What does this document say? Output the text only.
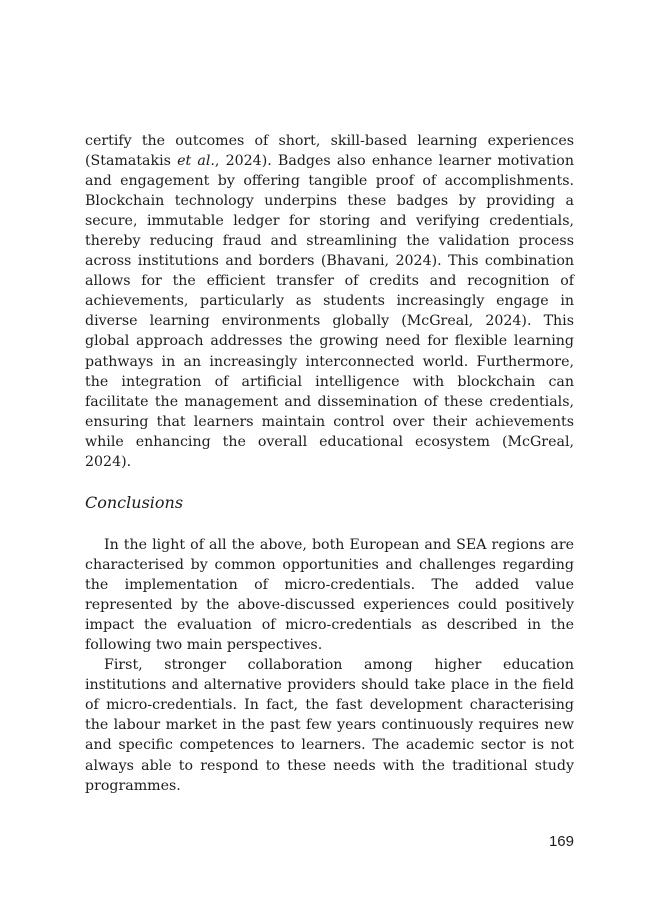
certify the outcomes of short, skill-based learning experiences (Stamatakis et al., 2024). Badges also enhance learner motivation and engagement by offering tangible proof of accomplishments. Blockchain technology underpins these badges by providing a secure, immutable ledger for storing and verifying credentials, thereby reducing fraud and streamlining the validation process across institutions and borders (Bhavani, 2024). This combination allows for the efficient transfer of credits and recognition of achievements, particularly as students increasingly engage in diverse learning environments globally (McGreal, 2024). This global approach addresses the growing need for flexible learning pathways in an increasingly interconnected world. Furthermore, the integration of artificial intelligence with blockchain can facilitate the management and dissemination of these credentials, ensuring that learners maintain control over their achievements while enhancing the overall educational ecosystem (McGreal, 2024).

Conclusions

In the light of all the above, both European and SEA regions are characterised by common opportunities and challenges regarding the implementation of micro-credentials. The added value represented by the above-discussed experiences could positively impact the evaluation of micro-credentials as described in the following two main perspectives.

First, stronger collaboration among higher education institutions and alternative providers should take place in the field of micro-credentials. In fact, the fast development characterising the labour market in the past few years continuously requires new and specific competences to learners. The academic sector is not always able to respond to these needs with the traditional study programmes.

169
